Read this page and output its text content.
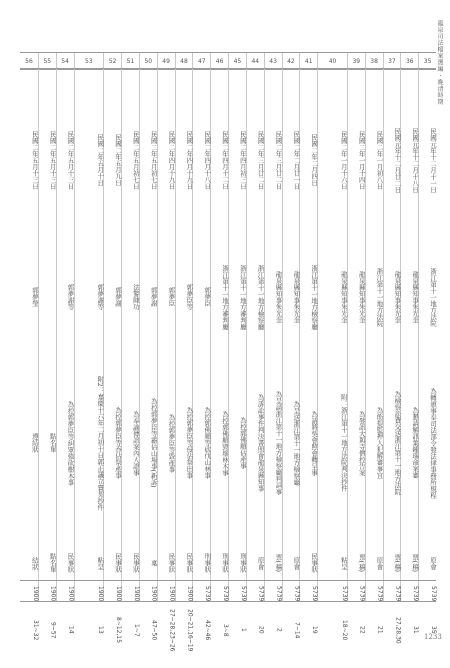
龍泉司法檔案選編 · 晚清時期
35
民國元年十二月十一日
浙江第十一地方法院
為轉頒事奉司法部令發法律事務所規程
原會
5739
35
36
民國元年十二月十八日
龍泉縣知事朱光奎
為懇請解訊葉鍾瑞命案審
票(稿)
5739
31
37
民國元年十二月廿二日
龍泉縣知事朱光奎
為檢察訟費交送浙江第十一地方法院
票(稿)
5739
27,28,30
38
民國二年一月初八日
浙江第十一地方法院
為飭提監押人犯解審事宜
原會
5739
21
39
民國二年一月十四日
龍泉縣知事朱光奎
為發訊大與寺僧控告案
票(稿)
5739
22
40
民國二年一月十六日
龍泉縣知事朱光奎
附：浙江第十一地方法院判決抄件
粘呈
5739
18~20
41
民國二年二月四日
浙江第十一地方檢察廳
為請將吳會照會轉呈事
民事狀
5739
19
42
民國二年二月廿一日
龍泉縣知事朱光奎
為呈送浙江第十一地方檢察廳
原會
5739
7~14
43
民國二年三月廿二日
龍泉縣知事朱光奎
為呈請浙江第十一地方檢察廳判詞事
票(稿)
5739
2
44
民國二年三月廿二日
浙江第十一地方檢察廳
為訴訟事件判決書照會龍泉縣知事
原會
5739
20
45
民國二年四月初三日
浙江第十一地方審判廳
為控郭佛順佔產事
刑事狀
5739
1
46
民國二年四月十二日
浙江第十一地方審判廳
為控郭佛順毀壞林木事
刑事狀
5739
3~8
47
民國二年四月十八日
郭夢臣
為控郭佛順等砍伐山林事
刑事狀
5739
42~46
48
民國二年四月十九日
郭夢臣等
為控郭夢臣等侵佔祭田事
民事狀
1900
20~21,16~19
49
民國二年四月十九日
郭夢臣
為控郭夢臣等毀產事
民事狀
1900
27~28,23~26
50
民國二年五月初七日
郭夢謝
為控郭夢臣等霸佔山場事(新訴)
稟
1900
47~50
51
民國二年五月初七日
法警陳功
為奉諭傳訊案內人證事
民事狀
1900
1~7
52
民國二年五月九日
郭夢謝
為控郭夢臣等吞佔祭產事
民事狀
1900
8~12,15
53
民國二年五月十日
郭夢謝等
附2：嘉慶十六年二月初十日郭正議立賣契抄件
粘呈
1900
13
54
民國二年五月十三日
郭夢謝等
為控郭夢臣等糾眾強砍樹木事
民事狀
1900
14
55
民國二年五月十三日
點名單
點名單
1900
9~57
56
民國二年五月十三日
郭夢瑩
遵結狀
結狀
1900
31~32	1233
